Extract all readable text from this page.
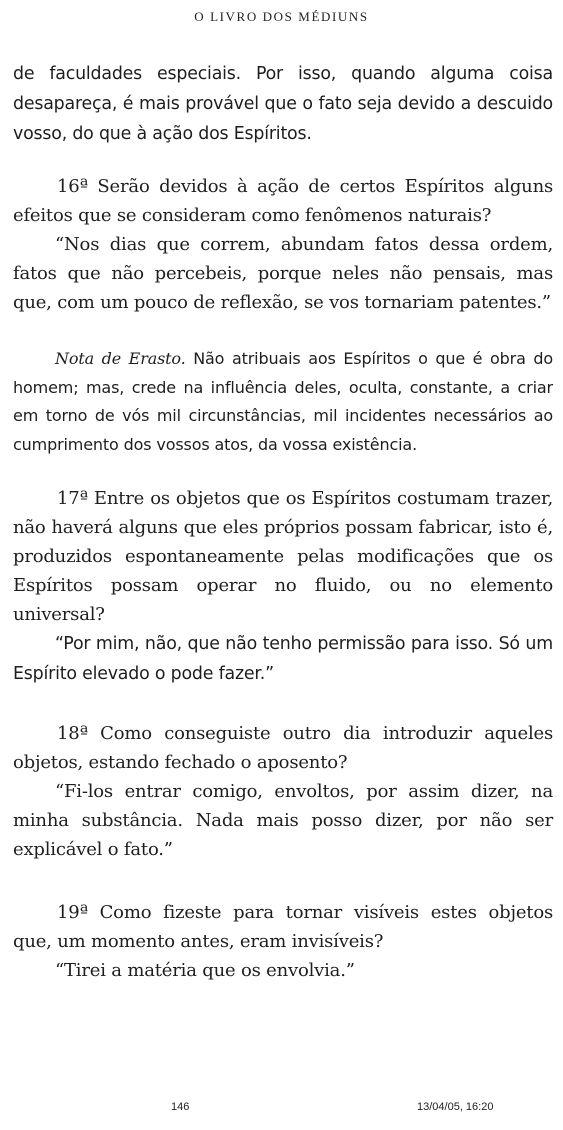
O LIVRO DOS MÉDIUNS

de faculdades especiais. Por isso, quando alguma coisa desapareça, é mais provável que o fato seja devido a descuido vosso, do que à ação dos Espíritos.

16ª Serão devidos à ação de certos Espíritos alguns efeitos que se consideram como fenômenos naturais?

“Nos dias que correm, abundam fatos dessa ordem, fatos que não percebeis, porque neles não pensais, mas que, com um pouco de reflexão, se vos tornariam patentes.”

Nota de Erasto. Não atribuais aos Espíritos o que é obra do homem; mas, crede na influência deles, oculta, constante, a criar em torno de vós mil circunstâncias, mil incidentes necessários ao cumprimento dos vossos atos, da vossa existência.

17ª Entre os objetos que os Espíritos costumam trazer, não haverá alguns que eles próprios possam fabricar, isto é, produzidos espontaneamente pelas modificações que os Espíritos possam operar no fluido, ou no elemento universal?

“Por mim, não, que não tenho permissão para isso. Só um Espírito elevado o pode fazer.”

18ª Como conseguiste outro dia introduzir aqueles objetos, estando fechado o aposento?

“Fi-los entrar comigo, envoltos, por assim dizer, na minha substância. Nada mais posso dizer, por não ser explicável o fato.”

19ª Como fizeste para tornar visíveis estes objetos que, um momento antes, eram invisíveis?

“Tirei a matéria que os envolvia.”

146	13/04/05, 16:20
